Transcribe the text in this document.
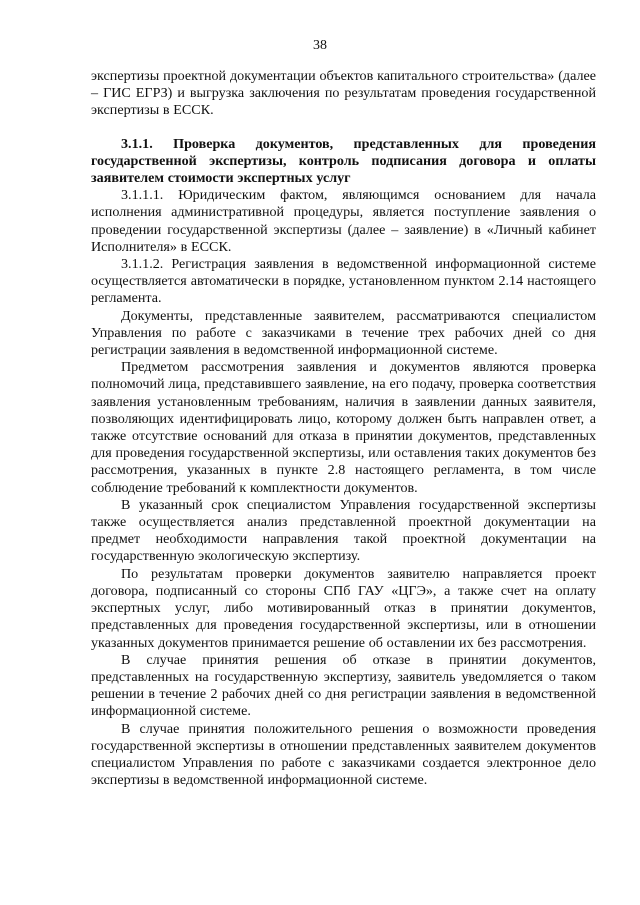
38

экспертизы проектной документации объектов капитального строительства» (далее – ГИС ЕГРЗ) и выгрузка заключения по результатам проведения государственной экспертизы в ЕССК.

3.1.1. Проверка документов, представленных для проведения государственной экспертизы, контроль подписания договора и оплаты заявителем стоимости экспертных услуг

3.1.1.1. Юридическим фактом, являющимся основанием для начала исполнения административной процедуры, является поступление заявления о проведении государственной экспертизы (далее – заявление) в «Личный кабинет Исполнителя» в ЕССК.

3.1.1.2. Регистрация заявления в ведомственной информационной системе осуществляется автоматически в порядке, установленном пунктом 2.14 настоящего регламента.

Документы, представленные заявителем, рассматриваются специалистом Управления по работе с заказчиками в течение трех рабочих дней со дня регистрации заявления в ведомственной информационной системе.

Предметом рассмотрения заявления и документов являются проверка полномочий лица, представившего заявление, на его подачу, проверка соответствия заявления установленным требованиям, наличия в заявлении данных заявителя, позволяющих идентифицировать лицо, которому должен быть направлен ответ, а также отсутствие оснований для отказа в принятии документов, представленных для проведения государственной экспертизы, или оставления таких документов без рассмотрения, указанных в пункте 2.8 настоящего регламента, в том числе соблюдение требований к комплектности документов.

В указанный срок специалистом Управления государственной экспертизы также осуществляется анализ представленной проектной документации на предмет необходимости направления такой проектной документации на государственную экологическую экспертизу.

По результатам проверки документов заявителю направляется проект договора, подписанный со стороны СПб ГАУ «ЦГЭ», а также счет на оплату экспертных услуг, либо мотивированный отказ в принятии документов, представленных для проведения государственной экспертизы, или в отношении указанных документов принимается решение об оставлении их без рассмотрения.

В случае принятия решения об отказе в принятии документов, представленных на государственную экспертизу, заявитель уведомляется о таком решении в течение 2 рабочих дней со дня регистрации заявления в ведомственной информационной системе.

В случае принятия положительного решения о возможности проведения государственной экспертизы в отношении представленных заявителем документов специалистом Управления по работе с заказчиками создается электронное дело экспертизы в ведомственной информационной системе.
